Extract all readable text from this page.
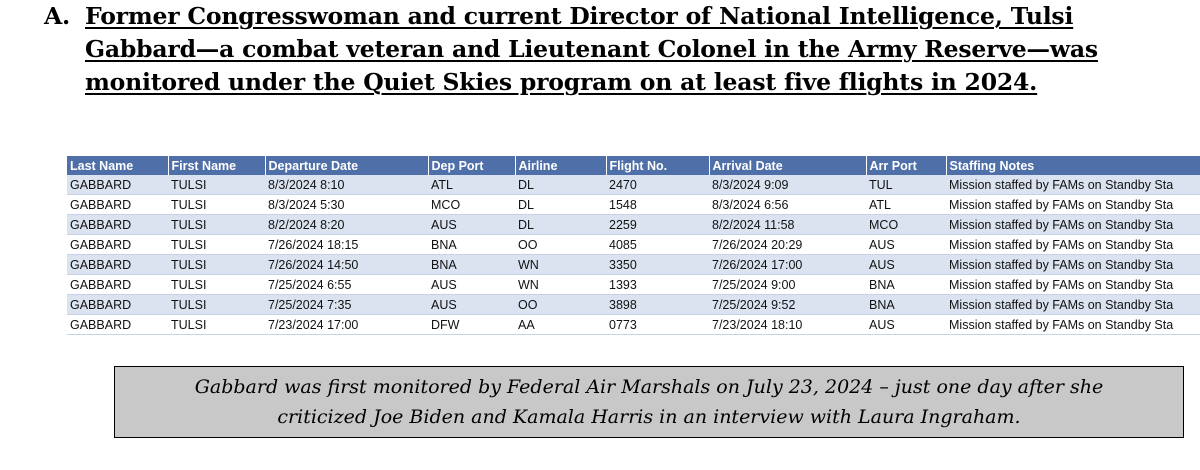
A. Former Congresswoman and current Director of National Intelligence, Tulsi
Gabbard—a combat veteran and Lieutenant Colonel in the Army Reserve—was
monitored under the Quiet Skies program on at least five flights in 2024.
Last Name	First Name	Departure Date	Dep Port	Airline	Flight No.	Arrival Date	Arr Port	Staffing Notes
GABBARD	TULSI	8/3/2024 8:10	ATL	DL	2470	8/3/2024 9:09	TUL	Mission staffed by FAMs on Standby Sta
GABBARD	TULSI	8/3/2024 5:30	MCO	DL	1548	8/3/2024 6:56	ATL	Mission staffed by FAMs on Standby Sta
GABBARD	TULSI	8/2/2024 8:20	AUS	DL	2259	8/2/2024 11:58	MCO	Mission staffed by FAMs on Standby Sta
GABBARD	TULSI	7/26/2024 18:15	BNA	OO	4085	7/26/2024 20:29	AUS	Mission staffed by FAMs on Standby Sta
GABBARD	TULSI	7/26/2024 14:50	BNA	WN	3350	7/26/2024 17:00	AUS	Mission staffed by FAMs on Standby Sta
GABBARD	TULSI	7/25/2024 6:55	AUS	WN	1393	7/25/2024 9:00	BNA	Mission staffed by FAMs on Standby Sta
GABBARD	TULSI	7/25/2024 7:35	AUS	OO	3898	7/25/2024 9:52	BNA	Mission staffed by FAMs on Standby Sta
GABBARD	TULSI	7/23/2024 17:00	DFW	AA	0773	7/23/2024 18:10	AUS	Mission staffed by FAMs on Standby Sta
Gabbard was first monitored by Federal Air Marshals on July 23, 2024 – just one day after she
criticized Joe Biden and Kamala Harris in an interview with Laura Ingraham.
